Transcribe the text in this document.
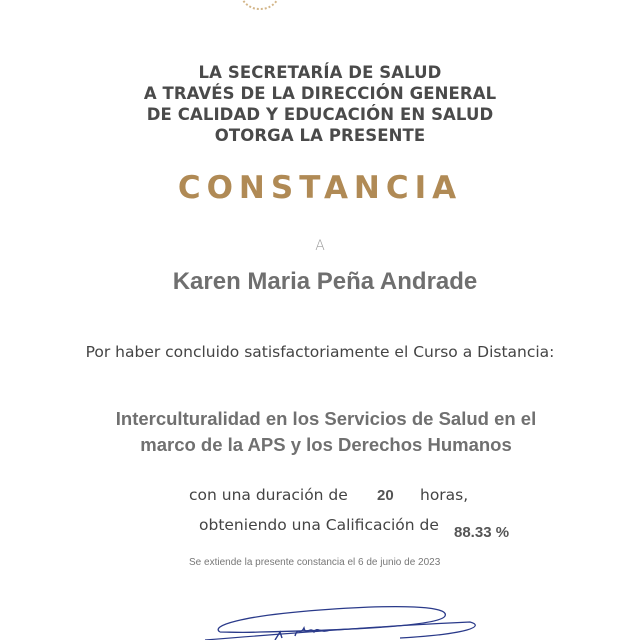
LA SECRETARÍA DE SALUD
A TRAVÉS DE LA DIRECCIÓN GENERAL
DE CALIDAD Y EDUCACIÓN EN SALUD
OTORGA LA PRESENTE
CONSTANCIA
A
Karen Maria Peña Andrade
Por haber concluido satisfactoriamente el Curso a Distancia:
Interculturalidad en los Servicios de Salud en el
marco de la APS y los Derechos Humanos
con una duración de 20 horas,
obteniendo una Calificación de 88.33 %
Se extiende la presente constancia el 6 de junio de 2023
